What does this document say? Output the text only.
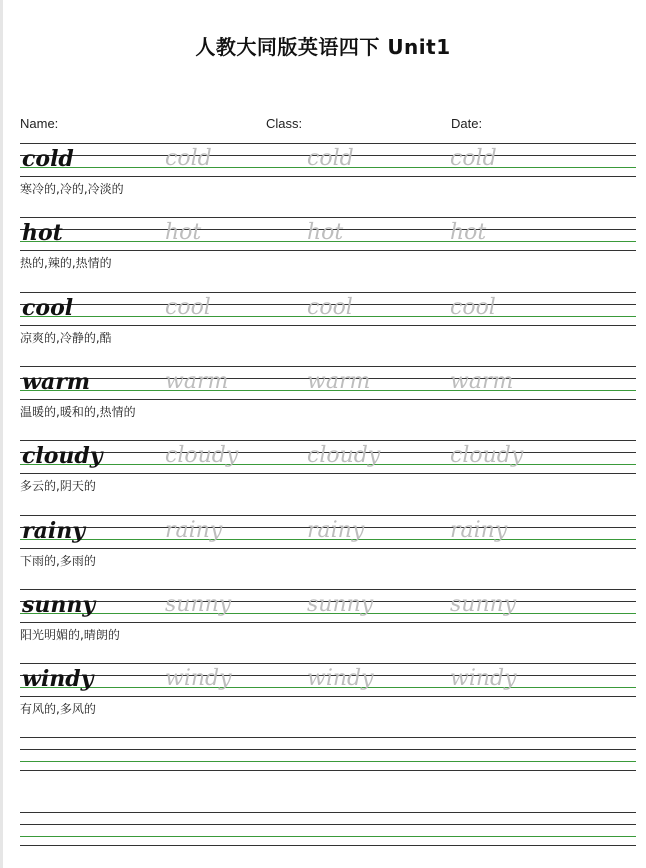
人教大同版英语四下 Unit1
Name:	Class:	Date:
cold	cold	cold	cold
寒冷的,冷的,冷淡的
hot	hot	hot	hot
热的,辣的,热情的
cool	cool	cool	cool
凉爽的,冷静的,酷
warm	warm	warm	warm
温暖的,暖和的,热情的
cloudy	cloudy	cloudy	cloudy
多云的,阴天的
rainy	rainy	rainy	rainy
下雨的,多雨的
sunny	sunny	sunny	sunny
阳光明媚的,晴朗的
windy	windy	windy	windy
有风的,多风的
